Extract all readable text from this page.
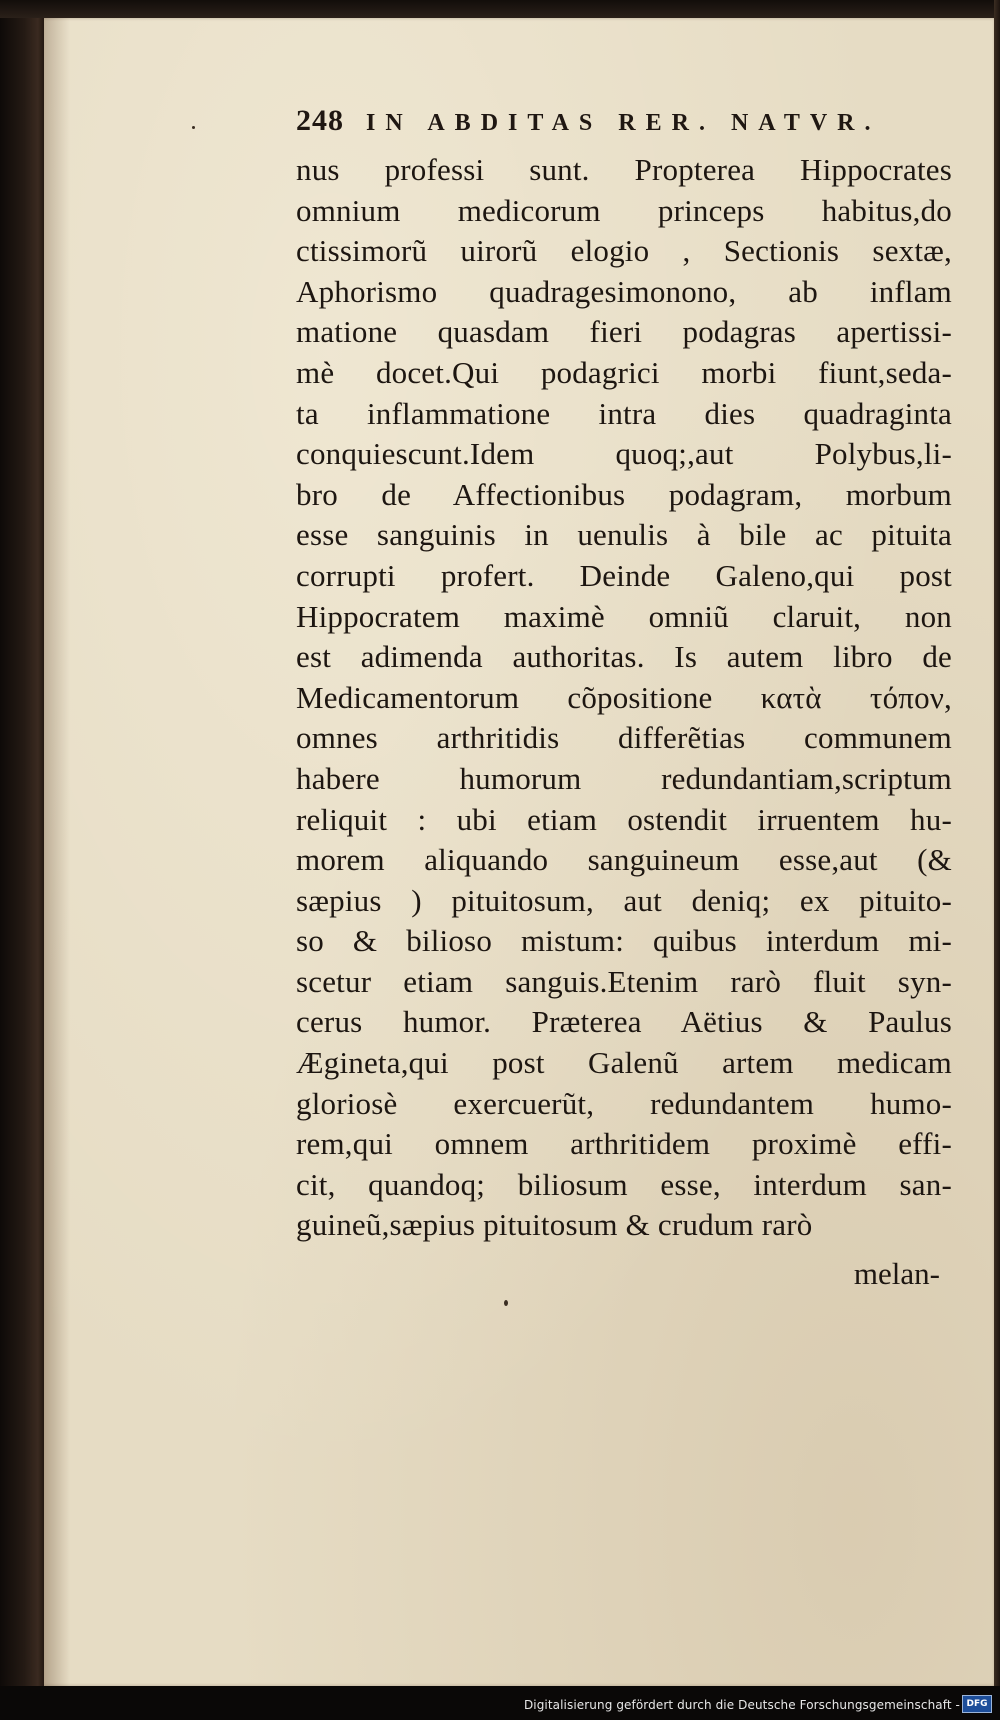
248 IN ABDITAS RER. NATVR.
nus professi sunt. Propterea Hippocrates
omnium medicorum princeps habitus,do
ctissimorũ uirorũ elogio , Sectionis sextæ,
Aphorismo quadragesimonono, ab inflam
matione quasdam fieri podagras apertissi-
mè docet.Qui podagrici morbi fiunt,seda-
ta inflammatione intra dies quadraginta
conquiescunt.Idem quoq;,aut Polybus,li-
bro de Affectionibus podagram, morbum
esse sanguinis in uenulis à bile ac pituita
corrupti profert. Deinde Galeno,qui post
Hippocratem maximè omniũ claruit, non
est adimenda authoritas. Is autem libro de
Medicamentorum cõpositione κατὰ τόπον,
omnes arthritidis differẽtias communem
habere humorum redundantiam,scriptum
reliquit : ubi etiam ostendit irruentem hu-
morem aliquando sanguineum esse,aut (&
sæpius ) pituitosum, aut deniq; ex pituito-
so & bilioso mistum: quibus interdum mi-
scetur etiam sanguis.Etenim rarò fluit syn-
cerus humor. Præterea Aëtius & Paulus
Ægineta,qui post Galenũ artem medicam
gloriosè exercuerũt, redundantem humo-
rem,qui omnem arthritidem proximè effi-
cit, quandoq; biliosum esse, interdum san-
guineũ,sæpius pituitosum & crudum rarò
melan-
Digitalisierung gefördert durch die Deutsche Forschungsgemeinschaft - DFG
